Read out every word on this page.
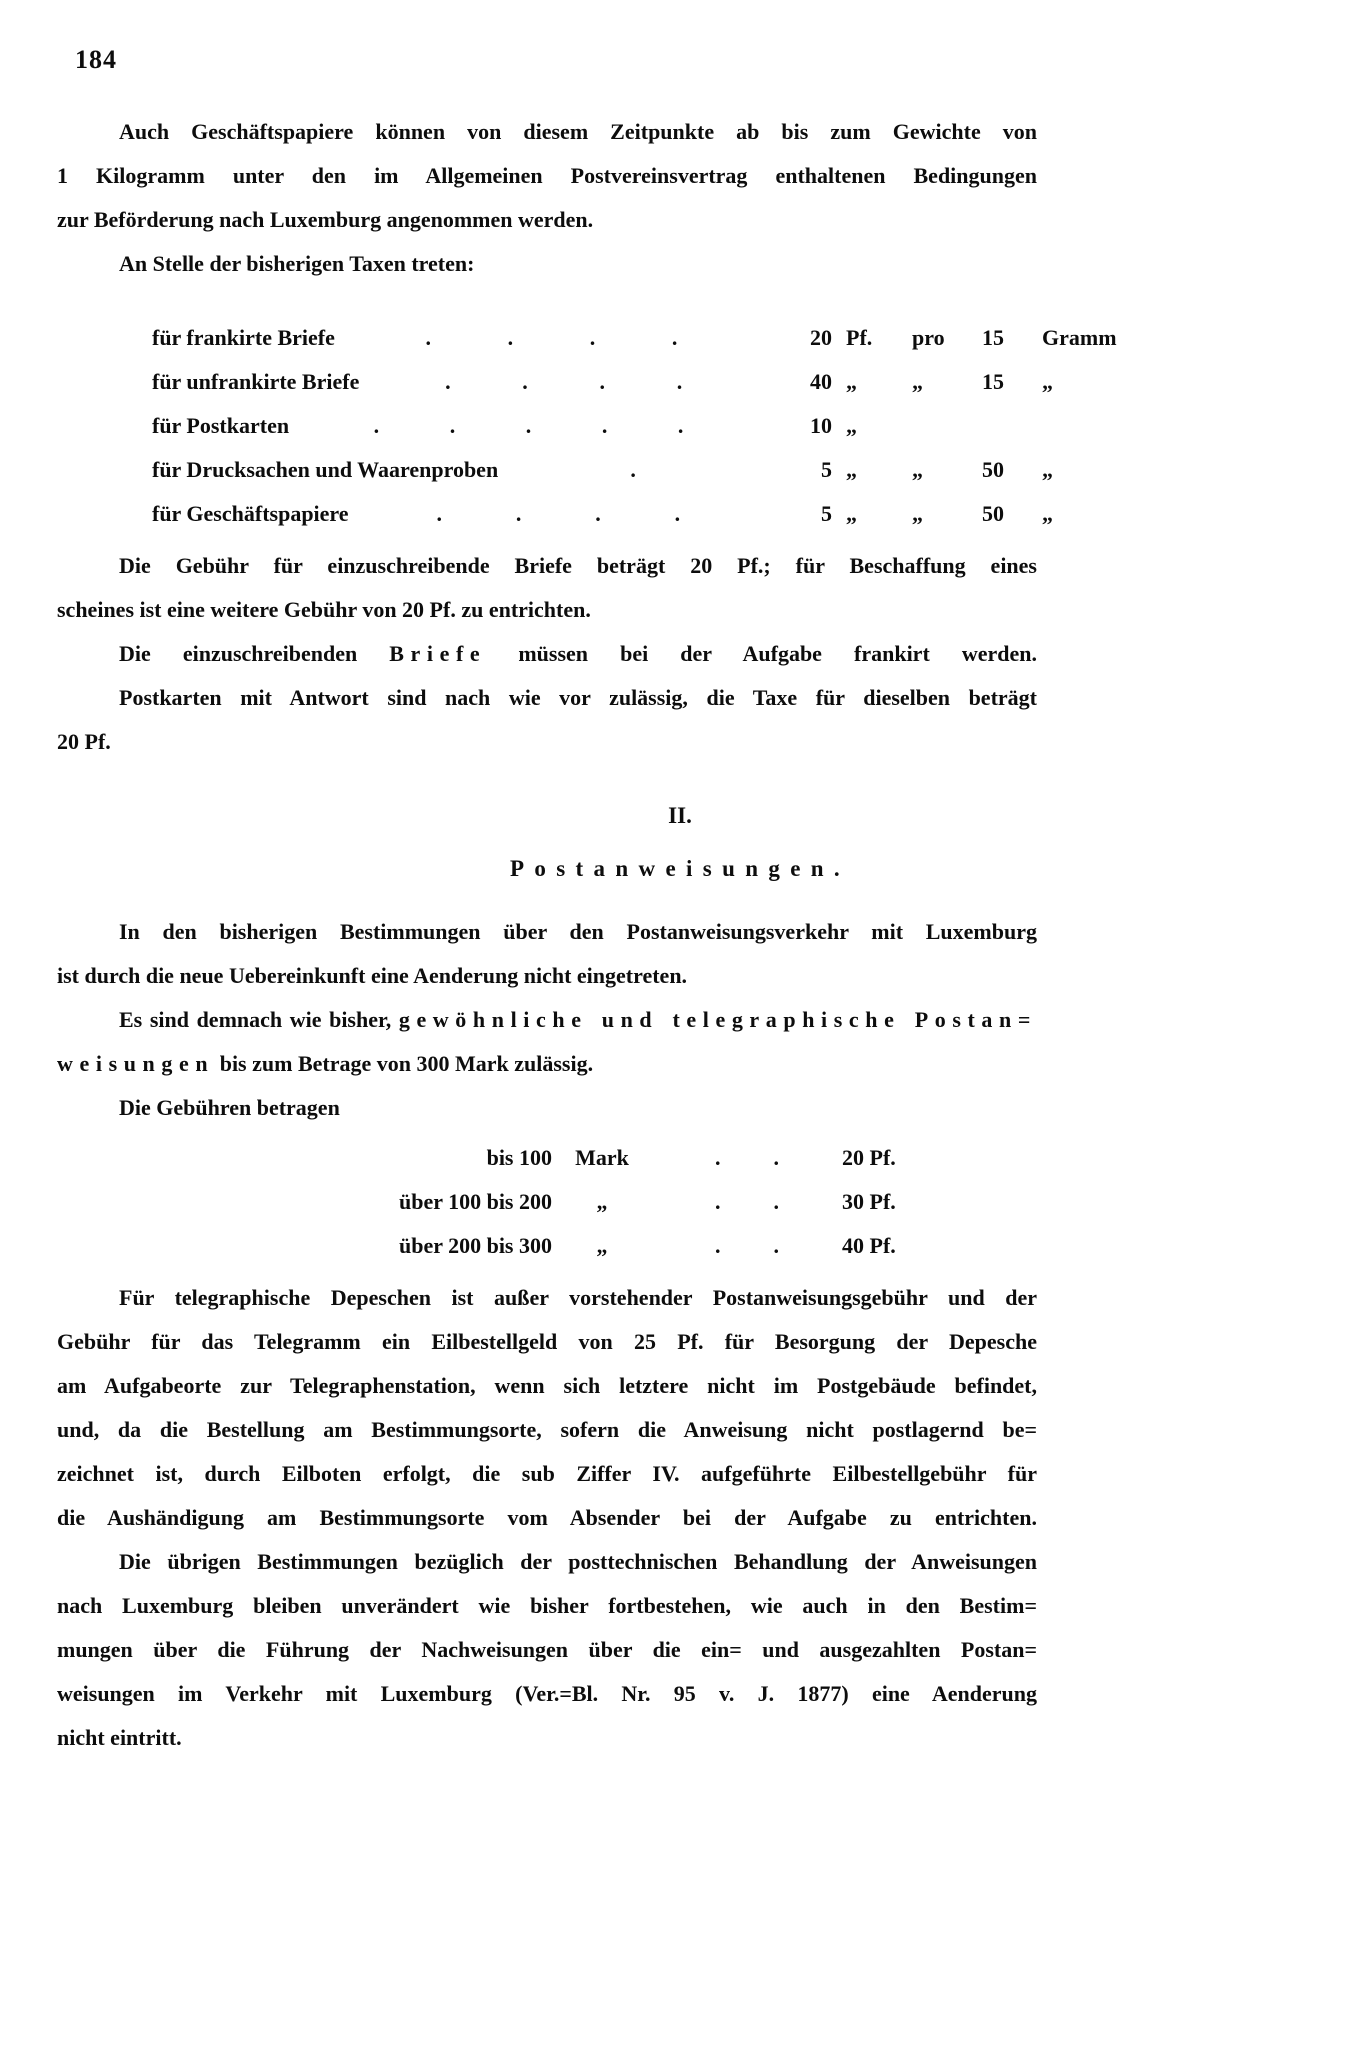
184
Auch Geschäftspapiere können von diesem Zeitpunkte ab bis zum Gewichte von
1 Kilogramm unter den im Allgemeinen Postvereinsvertrag enthaltenen Bedingungen
zur Beförderung nach Luxemburg angenommen werden.
An Stelle der bisherigen Taxen treten:
für frankirte Briefe	.	.	.	.	20 Pf.	pro	15	Gramm
für unfrankirte Briefe	.	.	.	.	40 „	„	15	„
für Postkarten	.	.	.	.	.	10 „
für Drucksachen und Waarenproben	.	5 „	„	50	„
für Geschäftspapiere	.	.	.	.	5 „	„	50	„
Die Gebühr für einzuschreibende Briefe beträgt 20 Pf.; für Beschaffung eines
scheines ist eine weitere Gebühr von 20 Pf. zu entrichten.
Die einzuschreibenden Briefe müssen bei der Aufgabe frankirt werden.
Postkarten mit Antwort sind nach wie vor zulässig, die Taxe für dieselben beträgt
20 Pf.
II.
Postanweisungen.
In den bisherigen Bestimmungen über den Postanweisungsverkehr mit Luxemburg
ist durch die neue Uebereinkunft eine Aenderung nicht eingetreten.
Es sind demnach wie bisher, gewöhnliche und telegraphische Postan=
weisungen bis zum Betrage von 300 Mark zulässig.
Die Gebühren betragen
bis 100	Mark	. .	20 Pf.
über 100 bis 200	„	. .	30 Pf.
über 200 bis 300	„	. .	40 Pf.
Für telegraphische Depeschen ist außer vorstehender Postanweisungsgebühr und der
Gebühr für das Telegramm ein Eilbestellgeld von 25 Pf. für Besorgung der Depesche
am Aufgabeorte zur Telegraphenstation, wenn sich letztere nicht im Postgebäude befindet,
und, da die Bestellung am Bestimmungsorte, sofern die Anweisung nicht postlagernd be=
zeichnet ist, durch Eilboten erfolgt, die sub Ziffer IV. aufgeführte Eilbestellgebühr für
die Aushändigung am Bestimmungsorte vom Absender bei der Aufgabe zu entrichten.
Die übrigen Bestimmungen bezüglich der posttechnischen Behandlung der Anweisungen
nach Luxemburg bleiben unverändert wie bisher fortbestehen, wie auch in den Bestim=
mungen über die Führung der Nachweisungen über die ein= und ausgezahlten Postan=
weisungen im Verkehr mit Luxemburg (Ver.=Bl. Nr. 95 v. J. 1877) eine Aenderung
nicht eintritt.
